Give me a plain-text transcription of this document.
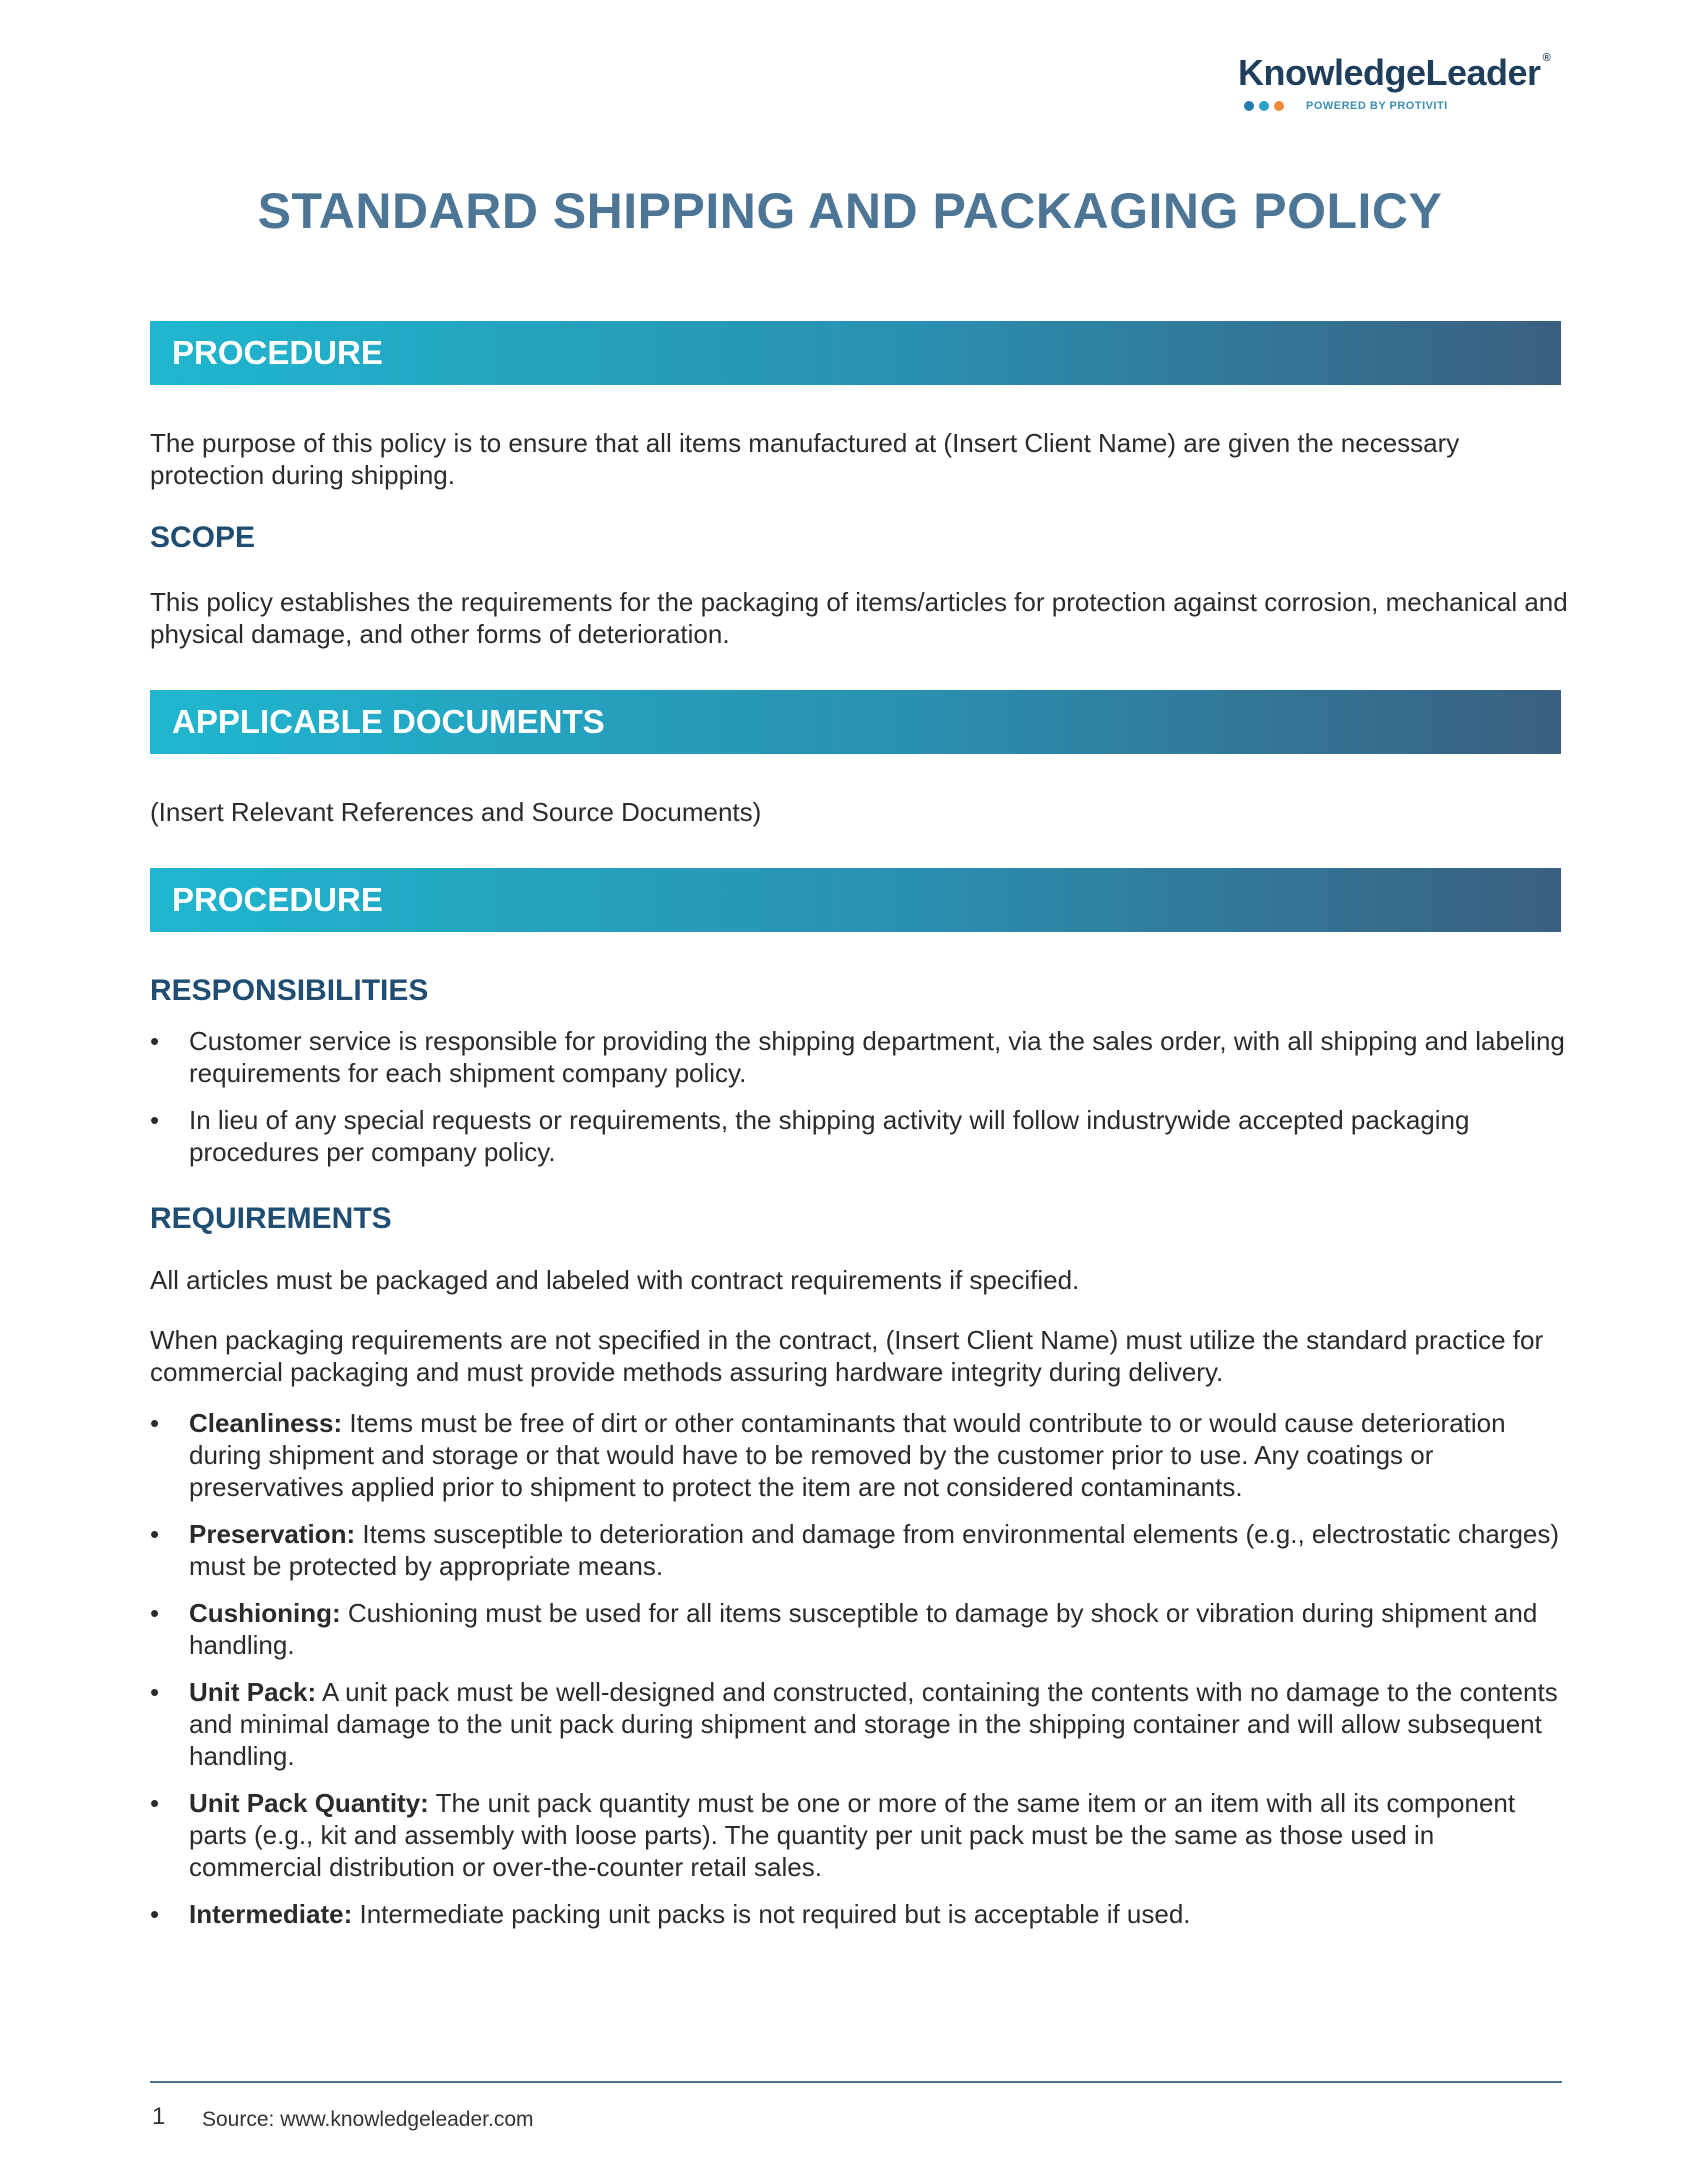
KnowledgeLeader ®
POWERED BY PROTIVITI
STANDARD SHIPPING AND PACKAGING POLICY
PROCEDURE

The purpose of this policy is to ensure that all items manufactured at (Insert Client Name) are given the necessary protection during shipping.

SCOPE

This policy establishes the requirements for the packaging of items/articles for protection against corrosion, mechanical and physical damage, and other forms of deterioration.

APPLICABLE DOCUMENTS

(Insert Relevant References and Source Documents)

PROCEDURE
RESPONSIBILITIES
• Customer service is responsible for providing the shipping department, via the sales order, with all shipping and labeling requirements for each shipment company policy.
• In lieu of any special requests or requirements, the shipping activity will follow industrywide accepted packaging procedures per company policy.
REQUIREMENTS

All articles must be packaged and labeled with contract requirements if specified.

When packaging requirements are not specified in the contract, (Insert Client Name) must utilize the standard practice for commercial packaging and must provide methods assuring hardware integrity during delivery.

• Cleanliness: Items must be free of dirt or other contaminants that would contribute to or would cause deterioration during shipment and storage or that would have to be removed by the customer prior to use. Any coatings or preservatives applied prior to shipment to protect the item are not considered contaminants.
• Preservation: Items susceptible to deterioration and damage from environmental elements (e.g., electrostatic charges) must be protected by appropriate means.
• Cushioning: Cushioning must be used for all items susceptible to damage by shock or vibration during shipment and handling.
• Unit Pack: A unit pack must be well-designed and constructed, containing the contents with no damage to the contents and minimal damage to the unit pack during shipment and storage in the shipping container and will allow subsequent handling.
• Unit Pack Quantity: The unit pack quantity must be one or more of the same item or an item with all its component parts (e.g., kit and assembly with loose parts). The quantity per unit pack must be the same as those used in commercial distribution or over-the-counter retail sales.
• Intermediate: Intermediate packing unit packs is not required but is acceptable if used.
1 Source: www.knowledgeleader.com
